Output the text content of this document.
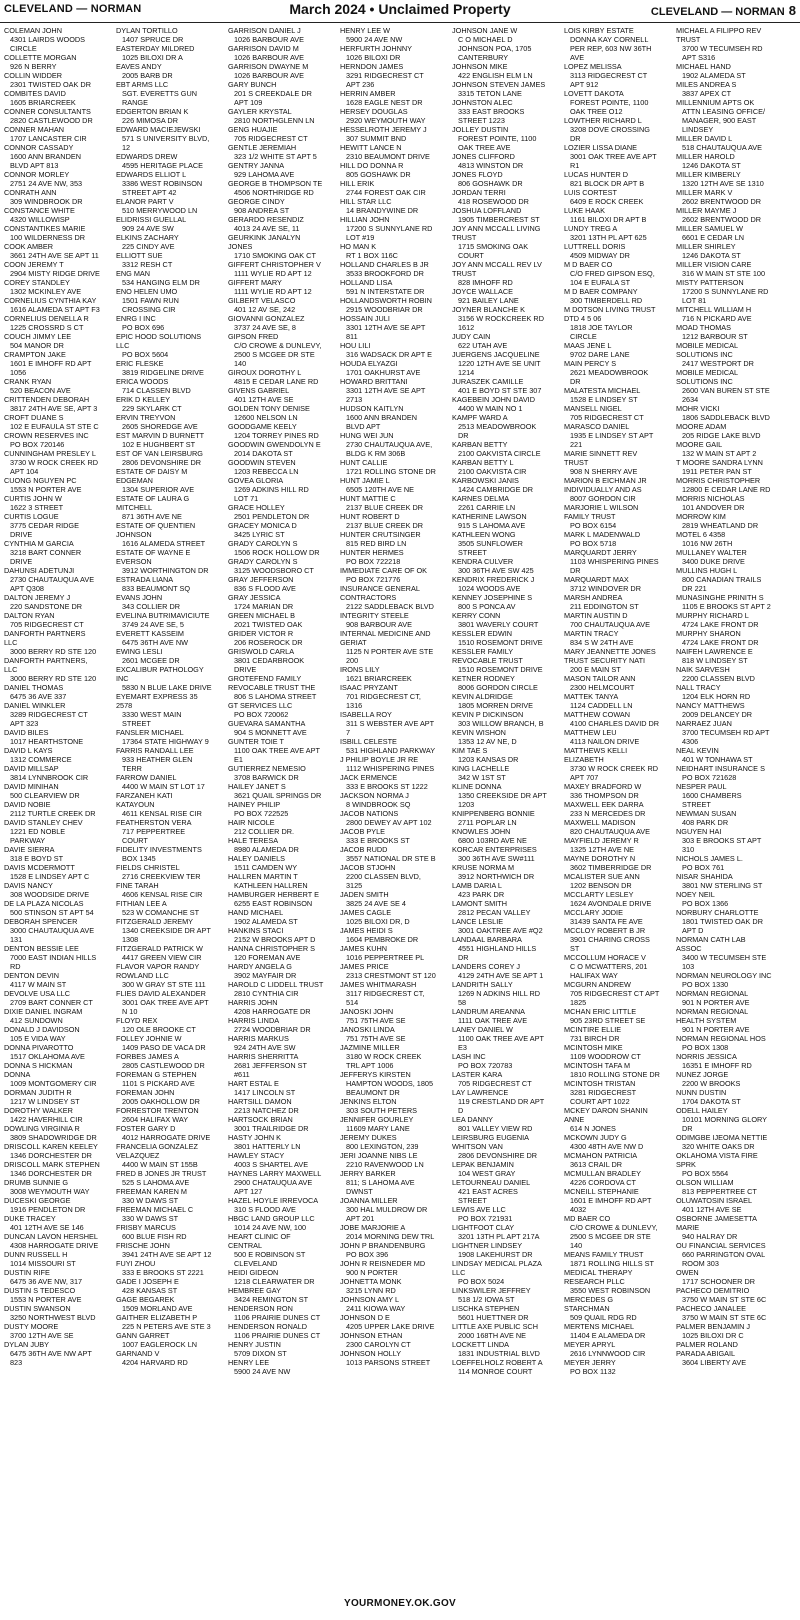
CLEVELAND — NORMAN	March 2024 • Unclaimed Property	CLEVELAND — NORMAN 8
COLEMAN JOHN
4301 LAIRDS WOODS CIRCLE
COLLETTE MORGAN
926 N BERRY
COLLIN WIDDER
2301 TWISTED OAK DR
COMBITES DAVID
1605 BRIARCREEK
CONNER CONSULTANTS
2820 CASTLEWOOD DR
CONNER MAHAN
1707 LANCASTER CIR
CONNOR CASSADY
1600 ANN BRANDEN BLVD APT 813
CONNOR MORLEY
2751 24 AVE NW, 353
CONRATH ANN
309 WINDBROOK DR
CONSTANCE WHITE
4320 WILLOWISP
CONSTANTIKES MARIE
100 WILDERNESS DR
COOK AMBER
3661 24TH AVE SE APT 11
COON JEREMY T
2904 MISTY RIDGE DRIVE
COREY STANDLEY
1302 MCKINLEY AVE
CORNELIUS CYNTHIA KAY
1616 ALAMEDA ST APT F3
CORNELIUS DENELLA R
1225 CROSSRD S CT
COUCH JIMMY LEE
504 MANOR DR
CRAMPTON JAKE
1601 E IMHOFF RD APT 1056
CRANK RYAN
520 BEACON AVE
CRITTENDEN DEBORAH
3817 24TH AVE SE, APT 3
CROFT DUANE S
102 E EUFAULA ST STE C
CROWN RESERVES INC
PO BOX 720146
CUNNINGHAM PRESLEY L
3730 W ROCK CREEK RD APT 104
CUONG NGUYEN PC
1553 N PORTER AVE
CURTIS JOHN W
1622 3 STREET
CURTIS LOGUE
3775 CEDAR RIDGE DRIVE
CYNTHIA M GARCIA
3218 BART CONNER DRIVE
DAHUNSI ADETUNJI
2730 CHAUTAUQUA AVE APT Q308
DALTON JEREMY J
220 SANDSTONE DR
DALTON RYAN
705 RIDGECREST CT
DANFORTH PARTNERS LLC
3000 BERRY RD STE 120
DANFORTH PARTNERS, LLC
3000 BERRY RD STE 120
DANIEL THOMAS
6475 36 AVE 337
DANIEL WINKLER
3289 RIDGECREST CT APT 323
DAVID BILES
1017 HEARTHSTONE
DAVID L KAYS
1312 COMMERCE
DAVID MILLSAP
3814 LYNNBROOK CIR
DAVID MINIHAN
500 CLEARVIEW DR
DAVID NOBIE
2112 TURTLE CREEK DR
DAVID STANLEY CHEV
1221 ED NOBLE PARKWAY
DAVIE SIERRA
318 E BOYD ST
DAVIS MCDERMOTT
1528 E LINDSEY APT C
DAVIS NANCY
308 WOODSIDE DRIVE
DE LA PLAZA NICOLAS
500 STINSON ST APT 54
DEBORAH SPENCER
3000 CHAUTAUQUA AVE 131
DENTON BESSIE LEE
7000 EAST INDIAN HILLS RD
DENTON DEVIN
4117 W MAIN ST
DEVOLVE USA LLC
2709 BART CONNER CT
DIXIE DANIEL INGRAM
412 SUNDOWN
DONALD J DAVIDSON
105 E VIDA WAY
DONNA PIVAROTTO
1517 OKLAHOMA AVE
DONNA S HICKMAN DONNA
1009 MONTGOMERY CIR
DORMAN JUDITH R
1217 W LINDSEY ST
DOROTHY WALKER
1422 HAVERHILL CIR
DOWLING VIRGINIA R
3809 SHADOWRIDGE DR
DRISCOLL KAREN KEELEY
1346 DORCHESTER DR
DRISCOLL MARK STEPHEN
1346 DORCHESTER DR
DRUMB SUNNIE G
3008 WEYMOUTH WAY
DUCESKI GEORGE
1916 PENDLETON DR
DUKE TRACEY
401 12TH AVE SE 146
DUNCAN LAVON HERSHEL
4308 HARROGATE DRIVE
DUNN RUSSELL H
1014 MISSOURI ST
DUSTIN RIFE
6475 36 AVE NW, 317
DUSTIN S TEDESCO
1553 N PORTER AVE
DUSTIN SWANSON
3250 NORTHWEST BLVD
DUSTY MOORE
3700 12TH AVE SE
DYLAN JUBY
6475 36TH AVE NW APT 823
DYLAN TORTILLO
1407 SPRUCE DR
EASTERDAY MILDRED
1025 BILOXI DR A
EAVES ANDY
2005 BARB DR
EBT ARMS LLC
SGT. EVERETTS GUN RANGE
EDGERTON BRIAN K
226 MIMOSA DR
EDWARD MACIEJEWSKI
571 S UNIVERSITY BLVD, 12
EDWARDS DREW
4595 HERITAGE PLACE
EDWARDS ELLIOT L
3386 WEST ROBINSON STREET APT 42
ELANOR PART V
510 MERRYWOOD LN
ELIDRISSI GUELLAL
909 24 AVE SW
ELKINS ZACHARY
225 CINDY AVE
ELLIOTT SUE
3312 RESH CT
ENG MAN
534 HANGING ELM DR
ENO HELEN UMO
1501 FAWN RUN CROSSING CIR
ENRG I INC
PO BOX 696
EPIC HOOD SOLUTIONS LLC
PO BOX 5604
ERIC FLESKE
3819 RIDGELINE DRIVE
ERICA WOODS
714 CLASSEN BLVD
ERIK D KELLEY
229 SKYLARK CT
ERVIN TREYVON
2605 SHOREDGE AVE
EST MARVIN D BURNETT
102 E HUGHBERT ST
EST OF VAN LEIRSBURG
2806 DEVONSHIRE DR
ESTATE OF DAISY M EDGEMAN
1304 SUPERIOR AVE
ESTATE OF LAURA G MITCHELL
871 36TH AVE NE
ESTATE OF QUENTIEN JOHNSON
1616 ALAMEDA STREET
ESTATE OF WAYNE E EVERSON
3912 WORTHINGTON DR
ESTRADA LIANA
833 BEAUMONT SQ
EVANS JOHN
343 COLLIER DR
EVELINA BUTRIMAVICIUTE
3749 24 AVE SE, 5
EVERETT KASSEIM
6475 36TH AVE NW
EWING LESLI
2601 MCGEE DR
EXCALIBUR PATHOLOGY INC
5830 N BLUE LAKE DRIVE
EYEMART EXPRESS 35 2578
3330 WEST MAIN STREET
FANSLER MICHAEL
17364 STATE HIGHWAY 9
FARRIS RANDALL LEE
933 HEATHER GLEN TERR
FARROW DANIEL
4400 W MAIN ST LOT 17
FARZANEH KATI KATAYOUN
4611 KENSAL RISE CIR
FEATHERSTON VERA
717 PEPPERTREE COURT
FIDELITY INVESTMENTS
BOX 1345
FIELDS CHRISTEL
2716 CREEKVIEW TER
FINE TARAH
4606 KENSAL RISE CIR
FITHIAN LEE A
523 W COMANCHE ST
FITZGERALD JEREMY
1340 CREEKSIDE DR APT 1308
FITZGERALD PATRICK W
4417 GREEN VIEW CIR
FLAVOR VAPOR RANDY ROWLAND LLC
300 W GRAY ST STE 111
FLIES DAVID ALEXANDER
3001 OAK TREE AVE APT N 10
FLOYD REX
120 OLE BROOKE CT
FOLLEY JOHNIE W
1409 PASO DE VACA DR
FORBES JAMES A
2805 CASTLEWOOD DR
FOREMAN G STEPHEN
1101 S PICKARD AVE
FOREMAN JOHN
2005 OAKHOLLOW DR
FORRESTOR TRENTON
2604 HALIFAX WAY
FOSTER GARY D
4012 HARROGATE DRIVE
FRANCELIA GONZALEZ VELAZQUEZ
4400 W MAIN ST 155B
FRED B JONES JR TRUST
525 S LAHOMA AVE
FREEMAN KAREN M
330 W DAWS ST
FREEMAN MICHAEL C
330 W DAWS ST
FRISBY MARCUS
600 BLUE FISH RD
FRISCHE JOHN
3941 24TH AVE SE APT 12
FUYI ZHOU
333 E BROOKS ST 2221
GADE I JOSEPH E
428 KANSAS ST
GAGE BEGAREK
1509 MORLAND AVE
GAITHER ELIZABETH P
225 N PETERS AVE STE 3
GANN GARRET
1007 EAGLEROCK LN
GARNAND V
4204 HARVARD RD
GARRISON DANIEL J
1026 BARBOUR AVE
GARRISON DAVID M
1026 BARBOUR AVE
GARRISON DWAYNE M
1026 BARBOUR AVE
GARY BUNCH
201 S CREEKDALE DR APT 109
GAYLER KRYSTAL
2810 NORTHGLENN LN
GENG HUAJIE
705 RIDGECREST CT
GENTLE JEREMIAH
323 1/2 WHITE ST APT 5
GENTRY JANNA
929 LAHOMA AVE
GEORGE B THOMPSON TE
4506 NORTHRIDGE RD
GEORGE CINDY
908 ANDREA ST
GERARDO RESENDIZ
4013 24 AVE SE, 11
GEURKINK JANALYN JONES
1710 SMOKING OAK CT
GIFFERT CHRISTOPHER V
1111 WYLIE RD APT 12
GIFFERT MARY
1111 WYLIE RD APT 12
GILBERT VELASCO
401 12 AV SE, 242
GIOVANNI GONZALEZ
3737 24 AVE SE, 8
GIPSON FRED
C/O CROWE & DUNLEVY, 2500 S MCGEE DR STE 140
GIROUX DOROTHY L
4815 E CEDAR LANE RD
GIVENS GABRIEL
401 12TH AVE SE
GOLDEN TONY DENISE
12600 NELSON LN
GOODGAME KEELY
1204 TORREY PINES RD
GOODWIN GWENDOLYN E
2014 DAKOTA ST
GOODWIN STEVEN
1203 REBECCA LN
GOVEA GLORIA
1269 ADKINS HILL RD LOT 71
GRACE HOLLEY
2501 PENDLETON DR
GRACEY MONICA D
3425 LYRIC ST
GRADY CAROLYN S
1506 ROCK HOLLOW DR
GRADY CAROLYN S
3125 WOODSBORO CT
GRAY JEFFERSON
836 S FLOOD AVE
GRAY JESSICA
1724 MARIAN DR
GREEN MICHAEL B
2021 TWISTED OAK
GRIDER VICTOR R
206 ROSEROCK DR
GRISWOLD CARLA
3801 CEDARBROOK DRIVE
GROTEFEND FAMILY REVOCABLE TRUST THE
806 S LAHOMA STREET
GT SERVICES LLC
PO BOX 720062
GUEVARA SAMANTHA
904 S MONNETT AVE
GUNTER TOIE T
1100 OAK TREE AVE APT E1
GUTIERREZ NEMESIO
3708 BARWICK DR
HAILEY JANET S
3621 QUAIL SPRINGS DR
HAINEY PHILIP
PO BOX 722525
HAIR NICOLE
212 COLLIER DR.
HALE TERESA
8980 ALAMEDA DR
HALEY DANIELS
1511 CAMDEN WY
HALLREN MARTIN T
KATHLEEN HALLREN
HAMBURGER HERBERT E
6255 EAST ROBINSON
HAND MICHAEL
1902 ALAMEDA ST
HANKINS STACI
2152 W BROOKS APT D
HANNA CHRISTOPHER S
120 FOREMAN AVE
HARDY ANGELA G
3902 MAYFAIR DR
HAROLD C LIDDELL TRUST
2810 CYNTHIA CIR
HARRIS JOHN
4208 HARROGATE DR
HARRIS LINDA
2724 WOODBRIAR DR
HARRIS MARKUS
924 24TH AVE SW
HARRIS SHERRITTA
2681 JEFFERSON ST #611
HART ESTAL E
1417 LINCOLN ST
HARTSILL DAMON
2213 NATCHEZ DR
HARTSOCK BRIAN
3001 TRAILRIDGE DR
HASTY JOHN K
3801 HATTERLY LN
HAWLEY STACY
4003 S SHARTEL AVE
HAYNES LARRY MAXWELL
2900 CHATAUQUA AVE APT 127
HAZEL HOYLE IRREVOCA
310 S FLOOD AVE
HBGC LAND GROUP LLC
1014 24 AVE NW, 100
HEART CLINIC OF CENTRAL
500 E ROBINSON ST CLEVELAND
HEIDI GIDEON
1218 CLEARWATER DR
HEMBREE GAY
3424 REMINGTON ST
HENDERSON RON
1106 PRAIRIE DUNES CT
HENDERSON RONALD
1106 PRAIRIE DUNES CT
HENRY JUSTIN
5709 DIXON ST
HENRY LEE
5900 24 AVE NW
HENRY LEE W
5900 24 AVE NW
HERFURTH JOHNNY
1026 BILOXI DR
HERNDON JAMES
3291 RIDGECREST CT APT 236
HERRIN AMBER
1628 EAGLE NEST DR
HERSEY DOUGLAS
2920 WEYMOUTH WAY
HESSELROTH JEREMY J
307 SUMMIT BND
HEWITT LANCE N
2310 BEAUMONT DRIVE
HILL DO DONNA R
805 GOSHAWK DR
HILL ERIK
2744 FOREST OAK CIR
HILL STAR LLC
14 BRANDYWINE DR
HILLIAN JOHN
17200 S SUNNYLANE RD LOT #19
HO MAN K
RT 1 BOX 116C
HOLLAND CHARLES B JR
3533 BROOKFORD DR
HOLLAND LISA
591 N INTERSTATE DR
HOLLANDSWORTH ROBIN
2915 WOODBRIAR DR
HOSSAIN JULI
3301 12TH AVE SE APT 811
HOU LILI
316 WADSACK DR APT E
HOUDA ELYAZGI
1701 OAKHURST AVE
HOWARD BRITTANI
3301 12TH AVE SE APT 2713
HUDSON KAITLYN
1600 ANN BRANDEN BLVD APT
HUNG WEI JUN
2730 CHAUTAUQUA AVE, BLDG K RM 306B
HUNT CALLIE
1721 ROLLING STONE DR
HUNT JAMIE L
6505 120TH AVE NE
HUNT MATTIE C
2137 BLUE CREEK DR
HUNT ROBERT D
2137 BLUE CREEK DR
HUNTER CRUTSINGER
815 RED BIRD LN
HUNTER HERMES
PO BOX 722218
IMMEDIATE CARE OF OK
PO BOX 721776
INSURANCE GENERAL CONTRACTORS
2122 SADDLEBACK BLVD
INTEGRITY STEELE
908 BARBOUR AVE
INTERNAL MEDICINE AND GERIAT
1125 N PORTER AVE STE 200
IRONS LILY
1621 BRIARCREEK
ISAAC PRYZANT
701 RIDGECREST CT, 1316
ISABELLA ROY
311 S WEBSTER AVE APT 7
ISBILL CELESTE
531 HIGHLAND PARKWAY
J PHILIP BOYLE JR RE
1112 WHISPERING PINES
JACK ERMENCE
333 E BROOKS ST 1222
JACKSON NORMA J
8 WINDBROOK SQ
JACOB NATIONS
2800 DEWEY AV APT 102
JACOB PYLE
333 E BROOKS ST
JACOB RUDD
3557 NATIONAL DR STE B
JACOB STJOHN
2200 CLASSEN BLVD, 3125
JADEN SMITH
3825 24 AVE SE 4
JAMES CAGLE
1025 BILOXI DR, D
JAMES HEIDI S
1604 PEMBROKE DR
JAMES KUHN
1016 PEPPERTREE PL
JAMES PRICE
2313 CRESTMONT ST 120
JAMES WHITMARASH
3117 RIDGECREST CT, 514
JANOSKI JOHN
751 75TH AVE SE
JANOSKI LINDA
751 75TH AVE SE
JAZMINE MILLER
3180 W ROCK CREEK TRL APT 1006
JEFFERYS KIRSTEN
HAMPTON WOODS, 1805 BEAUMONT DR
JENKINS ELTON
303 SOUTH PETERS
JENNIFER GOURLEY
11609 MARY LANE
JEREMY DUKES
800 LEXINGTON, 239
JERI JOANNE NIBS LE
2210 RAVENWOOD LN
JERRY BARKER
811; S LAHOMA AVE DWNST
JOANNA MILLER
300 HAL MULDROW DR APT 201
JOBE MARJORIE A
2014 MORNING DEW TRL
JOHN P BRANDENBURG
PO BOX 396
JOHN R REISNEDER MD
900 N PORTER
JOHNETTA MONK
3215 LYNN RD
JOHNSON AMY L
2411 KIOWA WAY
JOHNSON D E
4205 UPPER LAKE DRIVE
JOHNSON ETHAN
2300 CAROLYN CT
JOHNSON HOLLY
1013 PARSONS STREET
JOHNSON JANE W
C O MICHAEL D JOHNSON POA, 1705 CANTERBURY
JOHNSON MIKE
422 ENGLISH ELM LN
JOHNSON STEVEN JAMES
3315 TETON LANE
JOHNSTON ALEC
333 EAST BROOKS STREET 1223
JOLLEY DUSTIN
FOREST POINTE, 1100 OAK TREE AVE
JONES CLIFFORD
4813 WINSTON DR
JONES FLOYD
806 GOSHAWK DR
JORDAN TERRI
418 ROSEWOOD DR
JOSHUA LOFFLAND
1905 TIMBERCREST ST
JOY ANN MCCALL LIVING TRUST
1715 SMOKING OAK COURT
JOY ANN MCCALL REV LV TRUST
828 IMHOFF RD
JOYCE WALLACE
921 BAILEY LANE
JOYNER BLANCHE K
3156 W ROCKCREEK RD 1612
JUDY CAIN
622 UTAH AVE
JUERGENS JACQUELINE
1220 12TH AVE SE UNIT 1214
JURASZEK CAMILLE
401 E BOYD ST STE 307
KAGEBEIN JOHN DAVID
4400 W MAIN NO 1
KAMPF WARD A
2513 MEADOWBROOK DR
KARBAN BETTY
2100 OAKVISTA CIRCLE
KARBAN BETTY L
2100 OAKVISTA CIR
KARBOWSKI JANIS
1424 CAMBRIDGE DR
KARNES DELMA
2261 CARRIE LN
KATHERINE LAWSON
915 S LAHOMA AVE
KATHLEEN WONG
3505 SUNFLOWER STREET
KENDRA CULVER
300 36TH AVE SW 425
KENDRIX FREDERICK J
1024 WOODS AVE
KENNEY JOSEPHINE S
800 S PONCA AV
KERRY CONN
3801 WAVERLY COURT
KESSLER EDWIN
1510 ROSEMONT DRIVE
KESSLER FAMILY REVOCABLE TRUST
1510 ROSEMONT DRIVE
KETNER RODNEY
8006 GORDON CIRCLE
KEVIN ALDRIDGE
1805 MORREN DRIVE
KEVIN P DICKINSON
303 WILLOW BRANCH, B
KEVIN WISHON
1353 12 AV NE, D
KIM TAE S
1203 KANSAS DR
KING LACHELLE
342 W 1ST ST
KLINE DONNA
1350 CREEKSIDE DR APT 1203
KNIPPENBERG BONNIE
2711 POPLAR LN
KNOWLES JOHN
6800 103RD AVE NE
KORCAR ENTERPRISES
300 36TH AVE SW#111
KRUSE NORMA M
3912 NORTHWICH DR
LAMB DARIA L
423 PARK DR
LAMONT SMITH
2812 PECAN VALLEY
LANCE LESLIE
3001 OAKTREE AVE #Q2
LANDAAL BARBARA
4551 HIGHLAND HILLS DR
LANDERS COREY J
4129 24TH AVE SE APT 1
LANDRITH SALLY
1269 N ADKINS HILL RD 58
LANDRUM AREANNA
1111 OAK TREE AVE
LANEY DANIEL W
1100 OAK TREE AVE APT E3
LASH INC
PO BOX 720783
LASTER KARA
705 RIDGECREST CT
LAY LAWRENCE
119 CRESTLAND DR APT D
LEA DANNY
801 VALLEY VIEW RD
LEIRSBURG EUGENIA WHITSON VAN
2806 DEVONSHIRE DR
LEPAK BENJAMIN
104 WEST GRAY
LETOURNEAU DANIEL
421 EAST ACRES STREET
LEWIS AVE LLC
PO BOX 721931
LIGHTFOOT CLAY
3201 13TH PL APT 217A
LIGHTNER LINDSEY
1908 LAKEHURST DR
LINDSAY MEDICAL PLAZA LLC
PO BOX 5024
LINKSWILER JEFFREY
518 1/2 IOWA ST
LISCHKA STEPHEN
5601 HUETTNER DR
LITTLE AXE PUBLIC SCH
2000 168TH AVE NE
LOCKETT LINDA
1831 INDUSTRIAL BLVD
LOEFFELHOLZ ROBERT A
114 MONROE COURT
LOIS KIRBY ESTATE
DONNA KAY CORNELL PER REP, 603 NW 36TH AVE
LOPEZ MELISSA
3113 RIDGECREST CT APT 912
LOVETT DAKOTA
FOREST POINTE, 1100 OAK TREE O12
LOWTHER RICHARD L
3208 DOVE CROSSING DR
LOZIER LISSA DIANE
3001 OAK TREE AVE APT R1
LUCAS HUNTER D
821 BLOCK DR APT B
LUIS CORTEST
6409 E ROCK CREEK
LUKE HAAK
1161 BILOXI DR APT B
LUNDY TREG A
3201 13TH PL APT 625
LUTTRELL DORIS
4509 MIDWAY DR
M D BAER CO
C/O FRED GIPSON ESQ, 104 E EUFALA ST
M D BAER COMPANY
300 TIMBERDELL RD
M DOTSON LIVING TRUST DTD 4 5 06
1818 JOE TAYLOR CIRCLE
MAAS JENE L
9702 DARE LANE
MAIN PERCY S
2621 MEADOWBROOK DR
MALATESTA MICHAEL
1528 E LINDSEY ST
MANSELL NIGEL
705 RIDGECREST CT
MARASCO DANIEL
1935 E LINDSEY ST APT 221
MARIE SINNETT REV TRUST
908 N SHERRY AVE
MARION B EICHMAN JR INDIVIDUALLY AND AS
8007 GORDON CIR
MARJORIE L WILSON FAMILY TRUST
PO BOX 6154
MARK L MADENWALD
PO BOX 5718
MARQUARDT JERRY
1103 WHISPERING PINES DR
MARQUARDT MAX
3712 WINDOVER DR
MARSH ANDREA
211 EDDINGTON ST
MARTIN AUSTIN D
700 CHAUTAUQUA AVE
MARTIN TRACY
834 S W 24TH AVE
MARY JEANNETTE JONES TRUST SECURITY NATI
200 E MAIN ST
MASON TAILOR ANN
2300 HELMCOURT
MATTEK TANYA
1124 CADDELL LN
MATTHEW COWAN
4100 CHARLES DAVID DR
MATTHEW LEU
4113 NAILON DRIVE
MATTHEWS KELLI ELIZABETH
3730 W ROCK CREEK RD APT 707
MAXEY BRADFORD W
336 THOMPSON DR
MAXWELL EEK DARRA
233 N MERCEDES DR
MAXWELL MADISON
820 CHAUTAUQUA AVE
MAYFIELD JEREMY R
1325 12TH AVE NE
MAYNE DOROTHY N
3602 TIMBERRIDGE DR
MCALISTER SUE ANN
1202 BENSON DR
MCCLARTY LESLEY
1624 AVONDALE DRIVE
MCCLARY JODIE
31439 SANTA FE AVE
MCCLOY ROBERT B JR
3901 CHARING CROSS ST
MCCOLLUM HORACE V
C O MCWATTERS, 201 HALIFAX WAY
MCGURN ANDREW
705 RIDGECREST CT APT 1825
MCHAN ERIC LITTLE
905 23RD STREET SE
MCINTIRE ELLIE
731 BIRCH DR
MCINTOSH MIKE
1109 WOODROW CT
MCINTOSH TAFA M
1810 ROLLING STONE DR
MCINTOSH TRISTAN
3281 RIDGECREST COURT APT 1022
MCKEY DARON SHANIN ANNE
614 N JONES
MCKOWN JUDY G
4300 48TH AVE NW D
MCMAHON PATRICIA
3613 CRAIL DR
MCMULLAN BRADLEY
4226 CORDOVA CT
MCNEILL STEPHANIE
1601 E IMHOFF RD APT 4032
MD BAER CO
C/O CROWE & DUNLEVY, 2500 S MCGEE DR STE 140
MEANS FAMILY TRUST
1871 ROLLING HILLS ST
MEDICAL THERAPY RESEARCH PLLC
3550 WEST ROBINSON
MERCEDES G STARCHMAN
509 QUAIL RDG RD
MERTENS MICHAEL
11404 E ALAMEDA DR
MEYER APRYL
2616 LYNNWOOD CIR
MEYER JERRY
PO BOX 1132
MICHAEL A FILIPPO REV TRUST
3700 W TECUMSEH RD APT S316
MICHAEL HAND
1902 ALAMEDA ST
MILES ANDREA S
3837 APEX CT
MILLENNIUM APTS OK
ATTN LEASING OFFICE/ MANAGER, 900 EAST LINDSEY
MILLER DAVID L
518 CHAUTAUQUA AVE
MILLER HAROLD
1246 DAKOTA ST
MILLER KIMBERLY
1320 12TH AVE SE 1310
MILLER MARK V
2602 BRENTWOOD DR
MILLER MAYME J
2602 BRENTWOOD DR
MILLER SAMUEL W
6601 E CEDAR LN
MILLER SHIRLEY
1246 DAKOTA ST
MILLER VISION CARE
316 W MAIN ST STE 100
MISTY PATTERSON
17200 S SUNNYLANE RD LOT 81
MITCHELL WILLIAM H
716 N PICKARD AVE
MOAD THOMAS
1212 BARBOUR ST
MOBILE MEDICAL SOLUTIONS INC
2417 WESTPORT DR
MOBILE MEDICAL SOLUTIONS INC
2600 VAN BUREN ST STE 2634
MOHR VICKI
1806 SADDLEBACK BLVD
MOORE ADAM
205 RIDGE LAKE BLVD
MOORE GAIL
132 W MAIN ST APT 2
T MOORE SANDRA LYNN
1911 PETER PAN ST
MORRIS CHRISTOPHER
12800 E CEDAR LANE RD
MORRIS NICHOLAS
101 ANDOVER DR
MORROW KIM
2819 WHEATLAND DR
MOTEL 6 4358
1016 NW 26TH
MULLANEY WALTER
3400 DUKE DRIVE
MULLINS HUGH L
800 CANADIAN TRAILS DR 221
MUNASINGHE PRINITH S
1105 E BROOKS ST APT 2
MURPHY RICHARD L
4724 LAKE FRONT DR
MURPHY SHARON
4724 LAKE FRONT DR
NAIFEH LAWRENCE E
818 W LINDSEY ST
NAIK SARVESH
2200 CLASSEN BLVD
NALL TRACY
1204 ELK HORN RD
NANCY MATTHEWS
2009 DELANCEY DR
NARRAEZ JUAN
3700 TECUMSEH RD APT 4306
NEAL KEVIN
401 W TONHAWA ST
NEIDHART INSURANCE S
PO BOX 721628
NESPER PAUL
1600 CHAMBERS STREET
NEWMAN SUSAN
408 PARK DR
NGUYEN HAI
303 E BROOKS ST APT 310
NICHOLS JAMES L.
PO BOX 761
NISAR SHAHIDA
3801 NW STERLING ST
NOEY NEIL
PO BOX 1366
NORBURY CHARLOTTE
1801 TWISTED OAK DR APT D
NORMAN CATH LAB ASSOC
3400 W TECUMSEH STE 103
NORMAN NEUROLOGY INC
PO BOX 1330
NORMAN REGIONAL
901 N PORTER AVE
NORMAN REGIONAL HEALTH SYSTEM
901 N PORTER AVE
NORMAN REGIONAL HOS
PO BOX 1308
NORRIS JESSICA
16351 E IMHOFF RD
NUNEZ JORGE
2200 W BROOKS
NUNN DUSTIN
1704 DAKOTA ST
ODELL HAILEY
10101 MORNING GLORY DR
ODIMGBE IJEOMA NETTIE
320 WHITE OAKS DR
OKLAHOMA VISTA FIRE SPRK
PO BOX 5564
OLSON WILLIAM
813 PEPPERTREE CT
OLUWATOSIN ISRAEL
401 12TH AVE SE
OSBORNE JAMESETTA MARIE
940 HALRAY DR
OU FINANCIAL SERVICES
660 PARRINGTON OVAL ROOM 303
OWEN
1717 SCHOONER DR
PACHECO DEMITRIO
3750 W MAIN ST STE 6C
PACHECO JANALEE
3750 W MAIN ST STE 6C
PALMER BENJAMIN J
1025 BILOXI DR C
PALMER ROLAND
PARADA ABIGAIL
3604 LIBERTY AVE
YOURMONEY.OK.GOV
